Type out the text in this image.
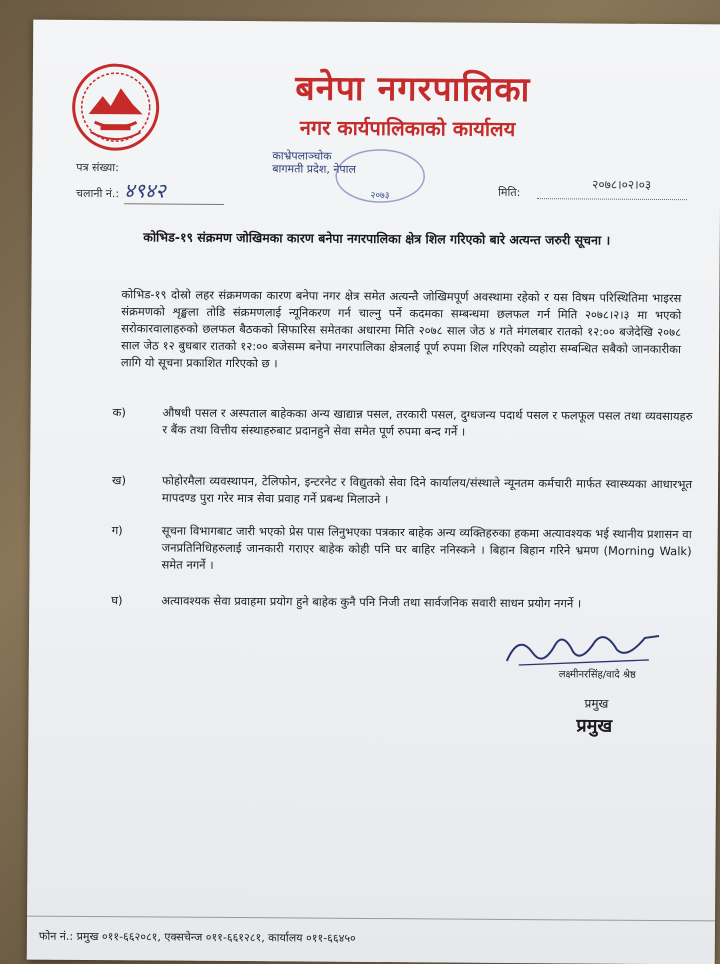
बनेपा नगरपालिका
नगर कार्यपालिकाको कार्यालय
काभ्रेपलाञ्चोक
बागमती प्रदेश, नेपाल
२०७३
पत्र संख्या:
चलानी नं.: ४९४२	मिति:
२०७८।०२।०३
कोभिड-१९ संक्रमण जोखिमका कारण बनेपा नगरपालिका क्षेत्र शिल गरिएको बारे अत्यन्त जरुरी सूचना ।
कोभिड-१९ दोस्रो लहर संक्रमणका कारण बनेपा नगर क्षेत्र समेत अत्यन्तै जोखिमपूर्ण अवस्थामा रहेको र यस विषम परिस्थितिमा भाइरस संक्रमणको शृङ्खला तोडि संक्रमणलाई न्यूनिकरण गर्न चाल्नु पर्ने कदमका सम्बन्धमा छलफल गर्न मिति २०७८।२।३ मा भएको सरोकारवालाहरुको छलफल बैठकको सिफारिस समेतका अधारमा मिति २०७८ साल जेठ ४ गते मंगलबार रातको १२:०० बजेदेखि २०७८ साल जेठ १२ बुधबार रातको १२:०० बजेसम्म बनेपा नगरपालिका क्षेत्रलाई पूर्ण रुपमा शिल गरिएको व्यहोरा सम्बन्धित सबैको जानकारीका लागि यो सूचना प्रकाशित गरिएको छ ।
क)	औषधी पसल र अस्पताल बाहेकका अन्य खाद्यान्न पसल, तरकारी पसल, दुग्धजन्य पदार्थ पसल र फलफूल पसल तथा व्यवसायहरु र बैंक तथा वित्तीय संस्थाहरुबाट प्रदानहुने सेवा समेत पूर्ण रुपमा बन्द गर्ने ।
ख)	फोहोरमैला व्यवस्थापन, टेलिफोन, इन्टरनेट र विद्युतको सेवा दिने कार्यालय/संस्थाले न्यूनतम कर्मचारी मार्फत स्वास्थ्यका आधारभूत मापदण्ड पुरा गरेर मात्र सेवा प्रवाह गर्ने प्रबन्ध मिलाउने ।
ग)	सूचना विभागबाट जारी भएको प्रेस पास लिनुभएका पत्रकार बाहेक अन्य व्यक्तिहरुका हकमा अत्यावश्यक भई स्थानीय प्रशासन वा जनप्रतिनिधिहरुलाई जानकारी गराएर बाहेक कोही पनि घर बाहिर ननिस्कने । बिहान बिहान गरिने भ्रमण (Morning Walk) समेत नगर्ने ।
घ)	अत्यावश्यक सेवा प्रवाहमा प्रयोग हुने बाहेक कुनै पनि निजी तथा सार्वजनिक सवारी साधन प्रयोग नगर्ने ।
लक्ष्मीनरसिंह/वादे श्रेष्ठ
प्रमुख
प्रमुख
फोन नं.: प्रमुख ०११-६६२०८१, एक्सचेन्ज ०११-६६१२८१, कार्यालय ०११-६६४५०
